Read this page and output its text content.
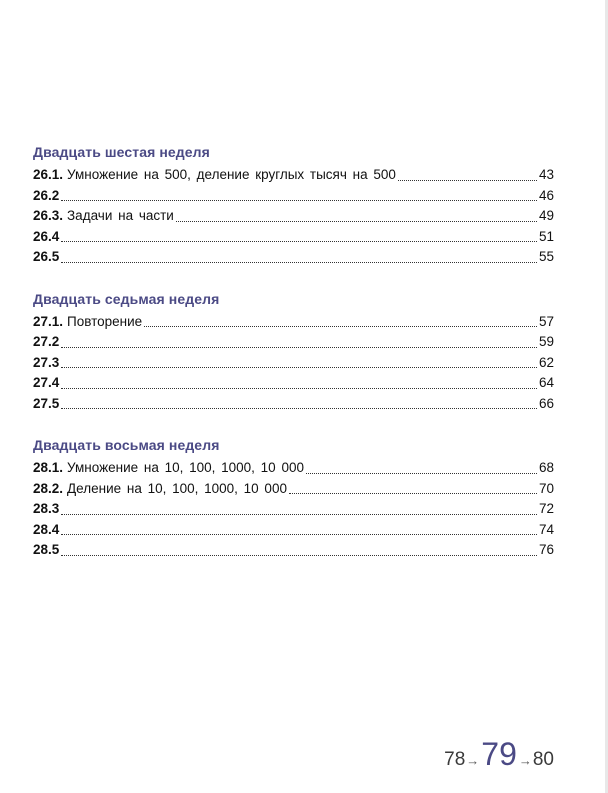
Двадцать шестая неделя
26.1. Умножение на 500, деление круглых тысяч на 500	43
26.2	46
26.3. Задачи на части	49
26.4	51
26.5	55
Двадцать седьмая неделя
27.1. Повторение	57
27.2	59
27.3	62
27.4	64
27.5	66
Двадцать восьмая неделя
28.1. Умножение на 10, 100, 1000, 10 000	68
28.2. Деление на 10, 100, 1000, 10 000	70
28.3	72
28.4	74
28.5	76
78 → 79 → 80
